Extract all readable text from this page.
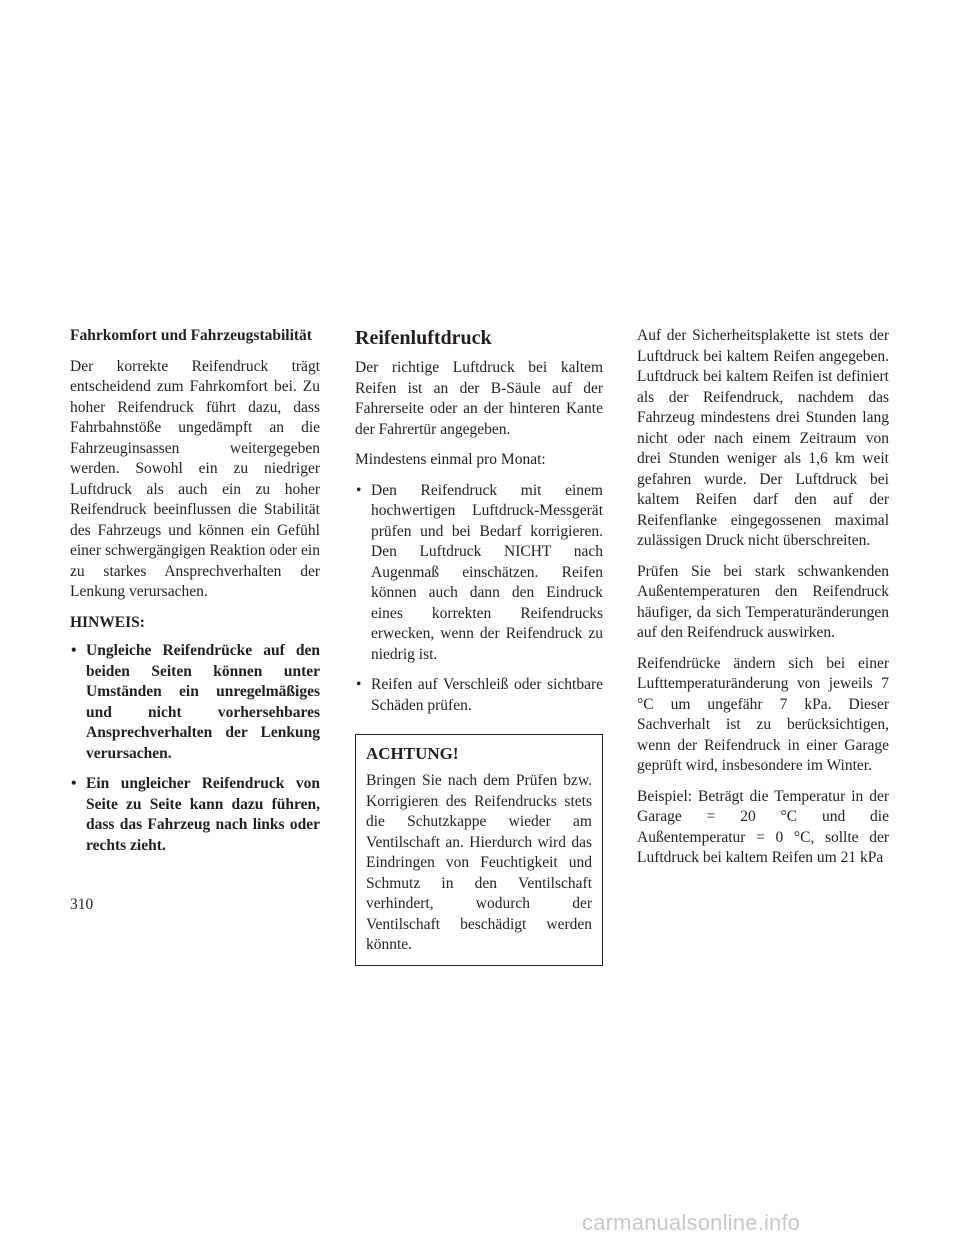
Fahrkomfort und Fahrzeugstabilität

Der korrekte Reifendruck trägt entscheidend zum Fahrkomfort bei. Zu hoher Reifendruck führt dazu, dass Fahrbahnstöße ungedämpft an die Fahrzeuginsassen weitergegeben werden. Sowohl ein zu niedriger Luftdruck als auch ein zu hoher Reifendruck beeinflussen die Stabilität des Fahrzeugs und können ein Gefühl einer schwergängigen Reaktion oder ein zu starkes Ansprechverhalten der Lenkung verursachen.

HINWEIS:
• Ungleiche Reifendrücke auf den beiden Seiten können unter Umständen ein unregelmäßiges und nicht vorhersehbares Ansprechverhalten der Lenkung verursachen.
• Ein ungleicher Reifendruck von Seite zu Seite kann dazu führen, dass das Fahrzeug nach links oder rechts zieht.
Reifenluftdruck

Der richtige Luftdruck bei kaltem Reifen ist an der B-Säule auf der Fahrerseite oder an der hinteren Kante der Fahrertür angegeben.

Mindestens einmal pro Monat:

• Den Reifendruck mit einem hochwertigen Luftdruck-Messgerät prüfen und bei Bedarf korrigieren. Den Luftdruck NICHT nach Augenmaß einschätzen. Reifen können auch dann den Eindruck eines korrekten Reifendrucks erwecken, wenn der Reifendruck zu niedrig ist.
• Reifen auf Verschleiß oder sichtbare Schäden prüfen.
ACHTUNG!

Bringen Sie nach dem Prüfen bzw. Korrigieren des Reifendrucks stets die Schutzkappe wieder am Ventilschaft an. Hierdurch wird das Eindringen von Feuchtigkeit und Schmutz in den Ventilschaft verhindert, wodurch der Ventilschaft beschädigt werden könnte.

Auf der Sicherheitsplakette ist stets der Luftdruck bei kaltem Reifen angegeben. Luftdruck bei kaltem Reifen ist definiert als der Reifendruck, nachdem das Fahrzeug mindestens drei Stunden lang nicht oder nach einem Zeitraum von drei Stunden weniger als 1,6 km weit gefahren wurde. Der Luftdruck bei kaltem Reifen darf den auf der Reifenflanke eingegossenen maximal zulässigen Druck nicht überschreiten.

Prüfen Sie bei stark schwankenden Außentemperaturen den Reifendruck häufiger, da sich Temperaturänderungen auf den Reifendruck auswirken.

Reifendrücke ändern sich bei einer Lufttemperaturänderung von jeweils 7 °C um ungefähr 7 kPa. Dieser Sachverhalt ist zu berücksichtigen, wenn der Reifendruck in einer Garage geprüft wird, insbesondere im Winter.

Beispiel: Beträgt die Temperatur in der Garage = 20 °C und die Außentemperatur = 0 °C, sollte der Luftdruck bei kaltem Reifen um 21 kPa

310
carmanualsonline.info
